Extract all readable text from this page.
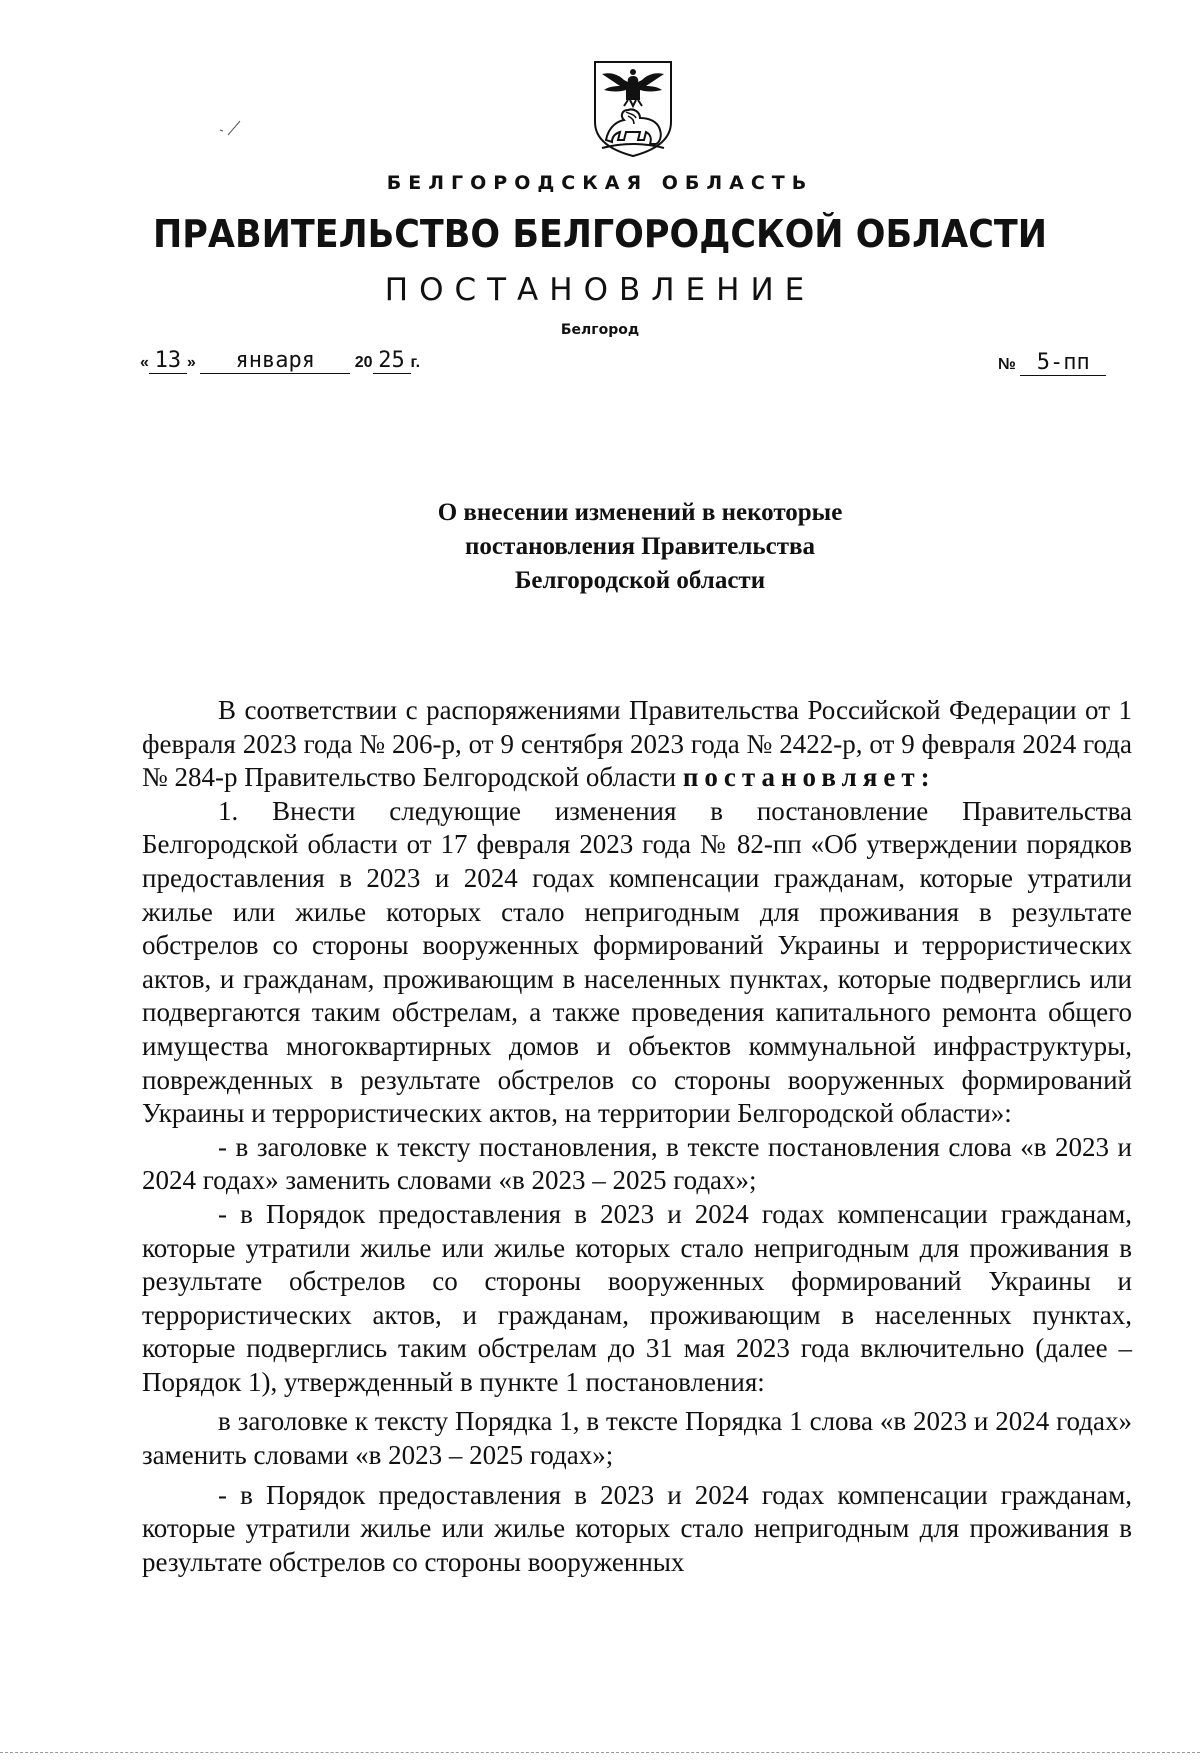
БЕЛГОРОДСКАЯ ОБЛАСТЬ
ПРАВИТЕЛЬСТВО БЕЛГОРОДСКОЙ ОБЛАСТИ
ПОСТАНОВЛЕНИЕ
Белгород
« 13 » января 20 25 г.	№ 5-пп
О внесении изменений в некоторые
постановления Правительства
Белгородской области

В соответствии с распоряжениями Правительства Российской Федерации от 1 февраля 2023 года № 206-р, от 9 сентября 2023 года № 2422-р, от 9 февраля 2024 года № 284-р Правительство Белгородской области постановляет:

1. Внести следующие изменения в постановление Правительства Белгородской области от 17 февраля 2023 года № 82-пп «Об утверждении порядков предоставления в 2023 и 2024 годах компенсации гражданам, которые утратили жилье или жилье которых стало непригодным для проживания в результате обстрелов со стороны вооруженных формирований Украины и террористических актов, и гражданам, проживающим в населенных пунктах, которые подверглись или подвергаются таким обстрелам, а также проведения капитального ремонта общего имущества многоквартирных домов и объектов коммунальной инфраструктуры, поврежденных в результате обстрелов со стороны вооруженных формирований Украины и террористических актов, на территории Белгородской области»:

- в заголовке к тексту постановления, в тексте постановления слова «в 2023 и 2024 годах» заменить словами «в 2023 – 2025 годах»;

- в Порядок предоставления в 2023 и 2024 годах компенсации гражданам, которые утратили жилье или жилье которых стало непригодным для проживания в результате обстрелов со стороны вооруженных формирований Украины и террористических актов, и гражданам, проживающим в населенных пунктах, которые подверглись таким обстрелам до 31 мая 2023 года включительно (далее – Порядок 1), утвержденный в пункте 1 постановления:

в заголовке к тексту Порядка 1, в тексте Порядка 1 слова «в 2023 и 2024 годах» заменить словами «в 2023 – 2025 годах»;

- в Порядок предоставления в 2023 и 2024 годах компенсации гражданам, которые утратили жилье или жилье которых стало непригодным для проживания в результате обстрелов со стороны вооруженных
